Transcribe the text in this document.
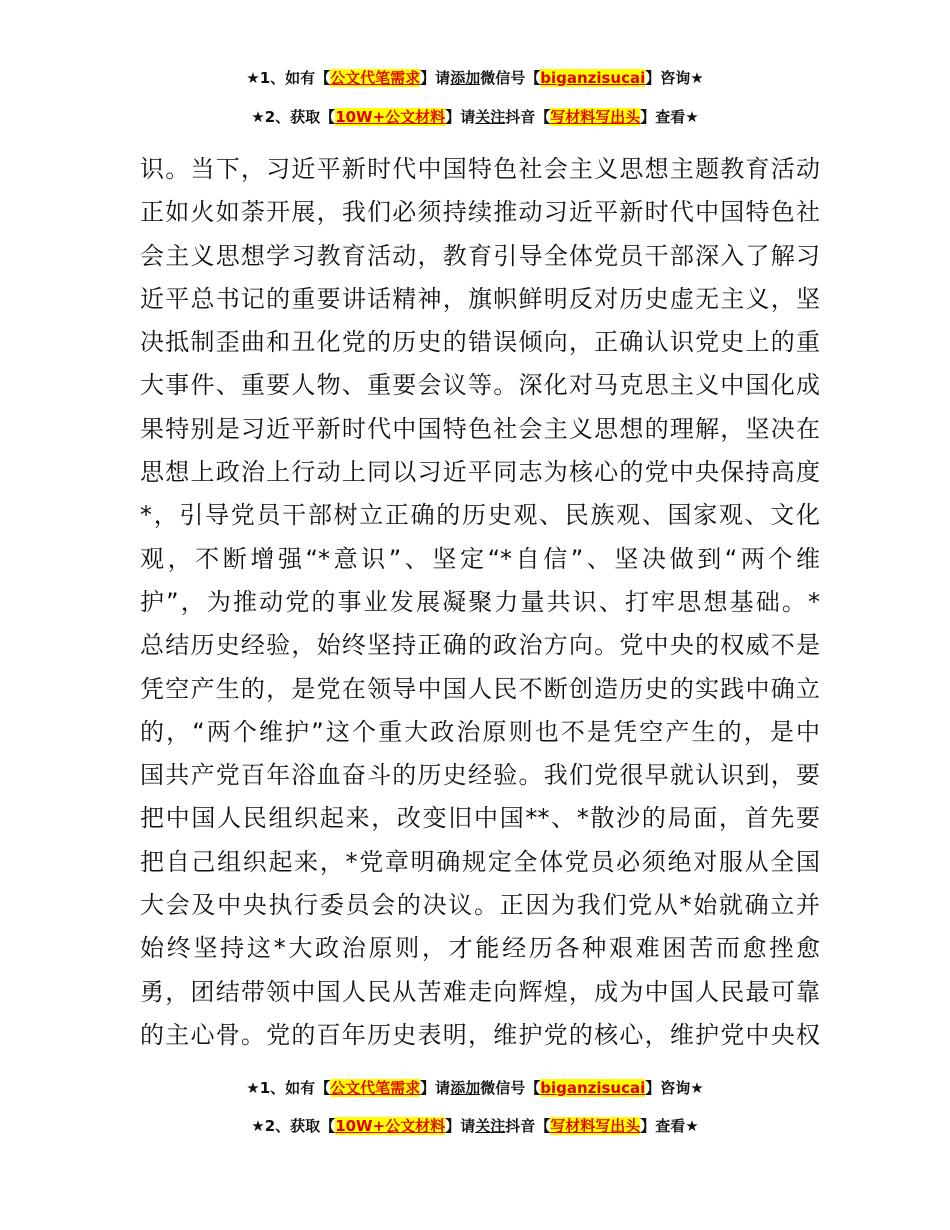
★1、如有【公文代笔需求】请添加微信号【biganzisucai】咨询★
★2、获取【10W+公文材料】请关注抖音【写材料写出头】查看★
识。当下，习近平新时代中国特色社会主义思想主题教育活动
正如火如荼开展，我们必须持续推动习近平新时代中国特色社
会主义思想学习教育活动，教育引导全体党员干部深入了解习
近平总书记的重要讲话精神，旗帜鲜明反对历史虚无主义，坚
决抵制歪曲和丑化党的历史的错误倾向，正确认识党史上的重
大事件、重要人物、重要会议等。深化对马克思主义中国化成
果特别是习近平新时代中国特色社会主义思想的理解，坚决在
思想上政治上行动上同以习近平同志为核心的党中央保持高度
*，引导党员干部树立正确的历史观、民族观、国家观、文化
观，不断增强“*意识”、坚定“*自信”、坚决做到“两个维
护”，为推动党的事业发展凝聚力量共识、打牢思想基础。*
总结历史经验，始终坚持正确的政治方向。党中央的权威不是
凭空产生的，是党在领导中国人民不断创造历史的实践中确立
的，“两个维护”这个重大政治原则也不是凭空产生的，是中
国共产党百年浴血奋斗的历史经验。我们党很早就认识到，要
把中国人民组织起来，改变旧中国**、*散沙的局面，首先要
把自己组织起来，*党章明确规定全体党员必须绝对服从全国
大会及中央执行委员会的决议。正因为我们党从*始就确立并
始终坚持这*大政治原则，才能经历各种艰难困苦而愈挫愈
勇，团结带领中国人民从苦难走向辉煌，成为中国人民最可靠
的主心骨。党的百年历史表明，维护党的核心，维护党中央权
★1、如有【公文代笔需求】请添加微信号【biganzisucai】咨询★
★2、获取【10W+公文材料】请关注抖音【写材料写出头】查看★
